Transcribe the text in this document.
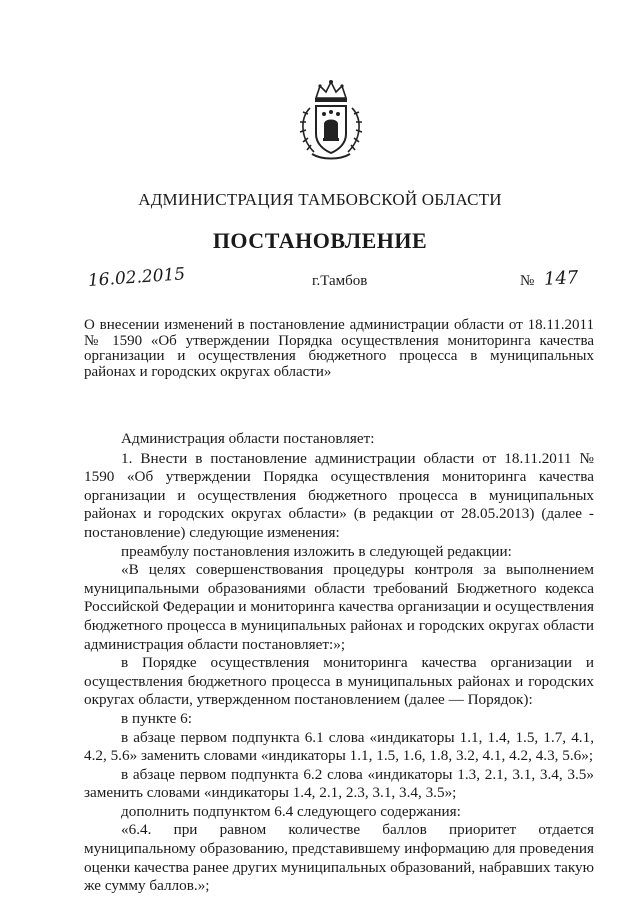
АДМИНИСТРАЦИЯ ТАМБОВСКОЙ ОБЛАСТИ
ПОСТАНОВЛЕНИЕ
16.02.2015	г.Тамбов	№ 147
О внесении изменений в постановление администрации области от 18.11.2011 № 1590 «Об утверждении Порядка осуществления мониторинга качества организации и осуществления бюджетного процесса в муниципальных районах и городских округах области»

Администрация области постановляет:

1. Внести в постановление администрации области от 18.11.2011 № 1590 «Об утверждении Порядка осуществления мониторинга качества организации и осуществления бюджетного процесса в муниципальных районах и городских округах области» (в редакции от 28.05.2013) (далее - постановление) следующие изменения:

преамбулу постановления изложить в следующей редакции:

«В целях совершенствования процедуры контроля за выполнением муниципальными образованиями области требований Бюджетного кодекса Российской Федерации и мониторинга качества организации и осуществления бюджетного процесса в муниципальных районах и городских округах области администрация области постановляет:»;

в Порядке осуществления мониторинга качества организации и осуществления бюджетного процесса в муниципальных районах и городских округах области, утвержденном постановлением (далее — Порядок):

в пункте 6:

в абзаце первом подпункта 6.1 слова «индикаторы 1.1, 1.4, 1.5, 1.7, 4.1, 4.2, 5.6» заменить словами «индикаторы 1.1, 1.5, 1.6, 1.8, 3.2, 4.1, 4.2, 4.3, 5.6»;

в абзаце первом подпункта 6.2 слова «индикаторы 1.3, 2.1, 3.1, 3.4, 3.5» заменить словами «индикаторы 1.4, 2.1, 2.3, 3.1, 3.4, 3.5»;

дополнить подпунктом 6.4 следующего содержания:

«6.4. при равном количестве баллов приоритет отдается муниципальному образованию, представившему информацию для проведения оценки качества ранее других муниципальных образований, набравших такую же сумму баллов.»;
